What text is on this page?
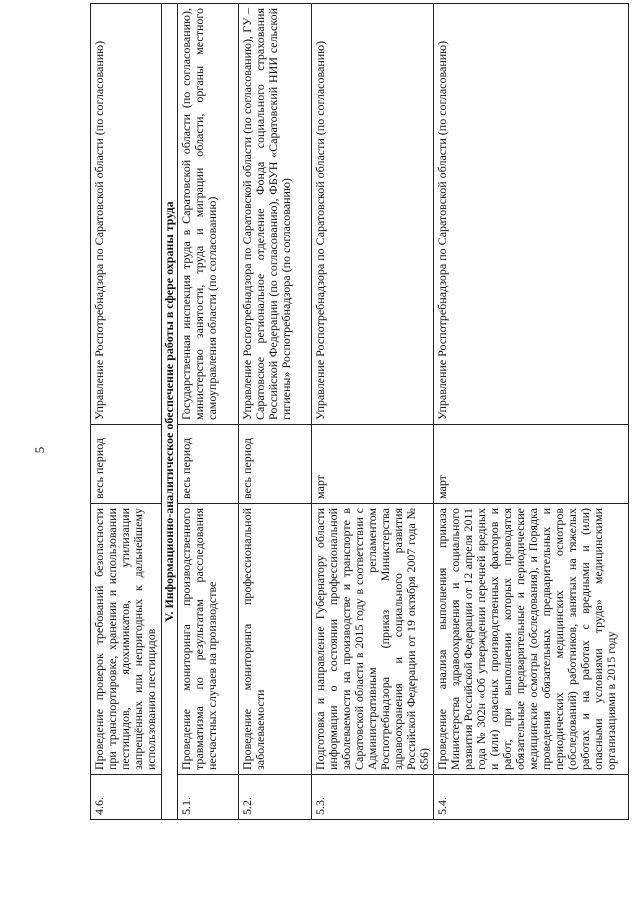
5
4.6.	Проведение проверок требований безопасности при транспортировке, хранении и использовании пестицидов, ядохимикатов, утилизации запрещённых или непригодных к дальнейшему использованию пестицидов	весь период	Управление Роспотребнадзора по Саратовской области (по согласованию)
V. Информационно-аналитическое обеспечение работы в сфере охраны труда			
5.1.	Проведение мониторинга производственного травматизма по результатам расследования несчастных случаев на производстве	весь период	Государственная инспекция труда в Саратовской области (по согласованию), министерство занятости, труда и миграции области, органы местного самоуправления области (по согласованию)
5.2.	Проведение мониторинга профессиональной заболеваемости	весь период	Управление Роспотребнадзора по Саратовской области (по согласованию), ГУ – Саратовское региональное отделение Фонда социального страхования Российской Федерации (по согласованию), ФБУН «Саратовский НИИ сельской гигиены» Роспотребнадзора (по согласованию)
5.3.	Подготовка и направление Губернатору области информации о состоянии профессиональной заболеваемости на производстве и транспорте в Саратовской области в 2015 году в соответствии с Административным регламентом Роспотребнадзора (приказ Министерства здравоохранения и социального развития Российской Федерации от 19 октября 2007 года № 656)	март	Управление Роспотребнадзора по Саратовской области (по согласованию)
5.4.	Проведение анализа выполнения приказа Министерства здравоохранения и социального развития Российской Федерации от 12 апреля 2011 года № 302н «Об утверждении перечней вредных и (или) опасных производственных факторов и работ, при выполнении которых проводятся обязательные предварительные и периодические медицинские осмотры (обследования), и Порядка проведения обязательных предварительных и периодических медицинских осмотров (обследований) работников, занятых на тяжелых работах и на работах с вредными и (или) опасными условиями труда» медицинскими организациями в 2015 году	март	Управление Роспотребнадзора по Саратовской области (по согласованию)
